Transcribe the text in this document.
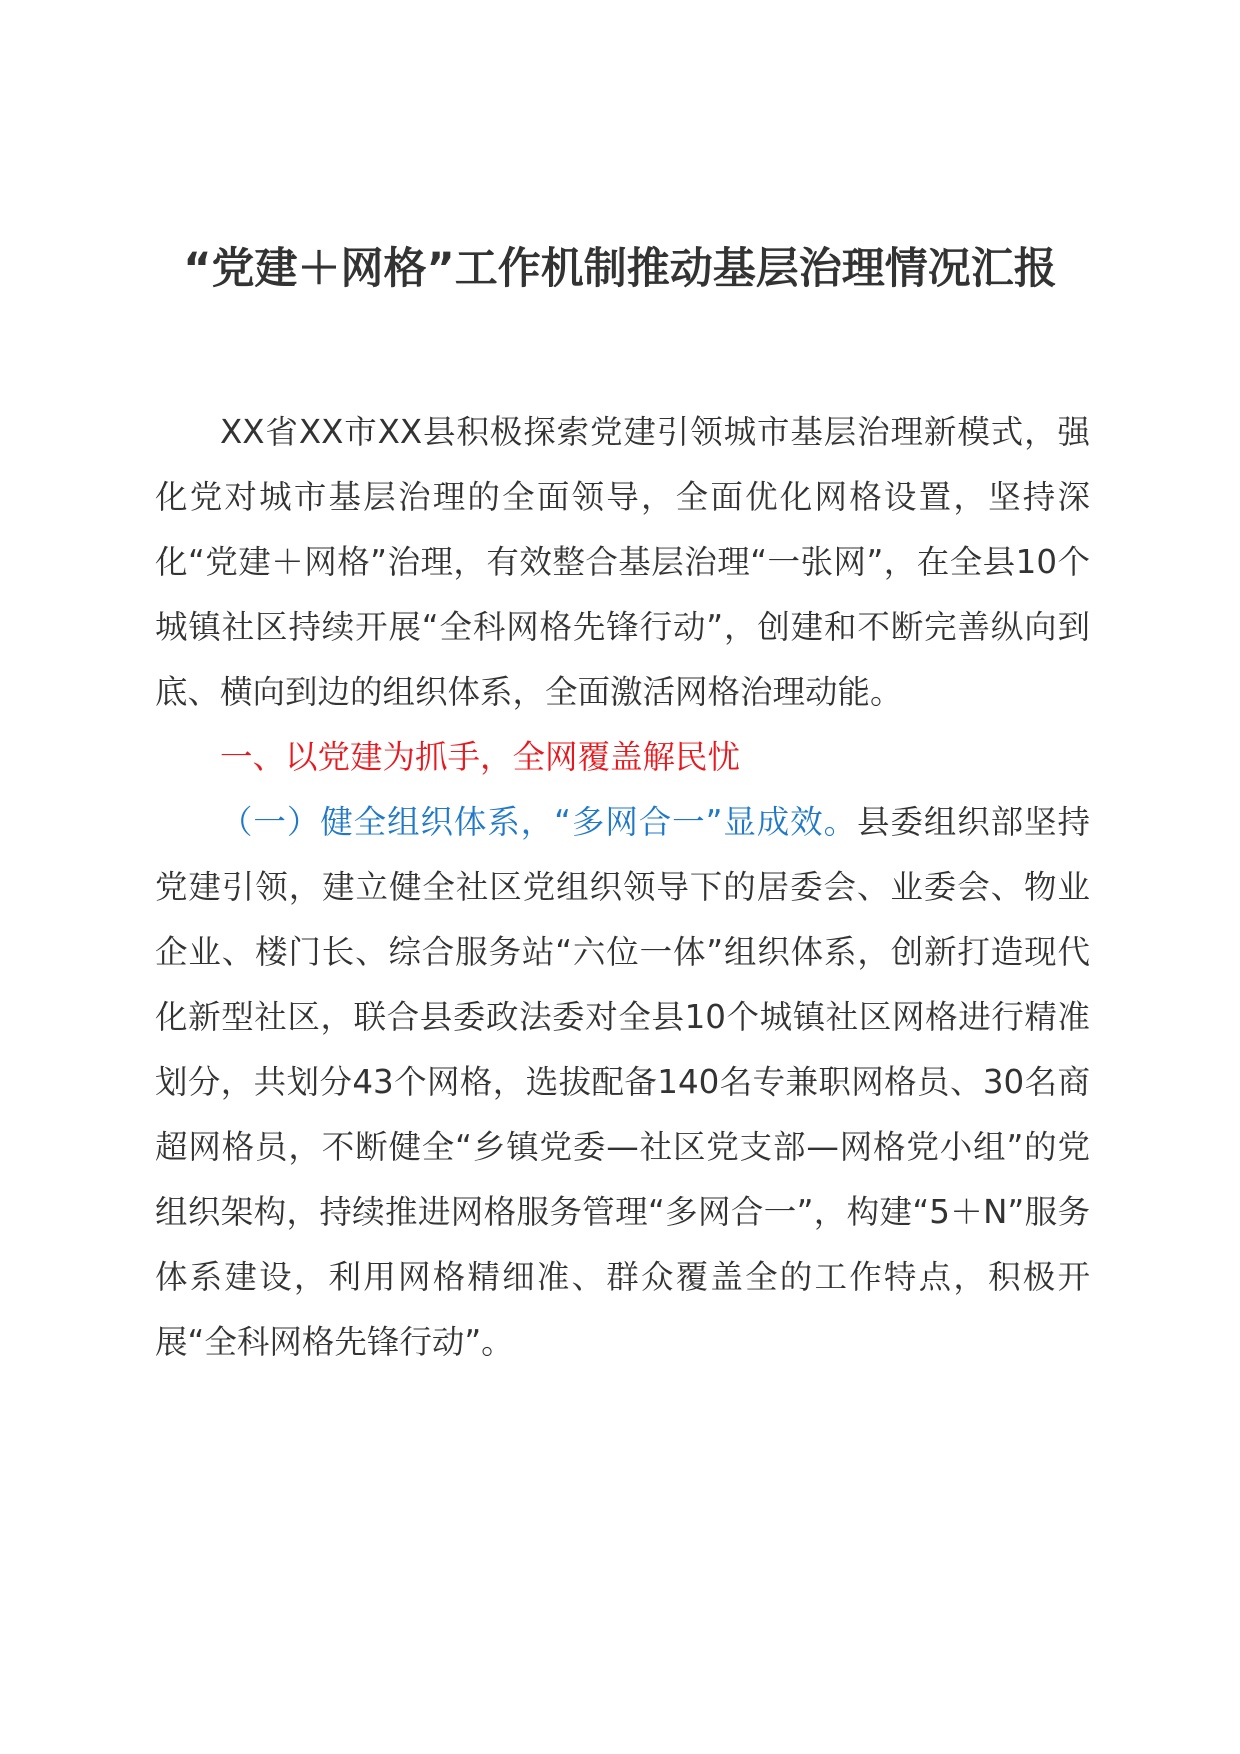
“党建＋网格”工作机制推动基层治理情况汇报

XX省XX市XX县积极探索党建引领城市基层治理新模式，强化党对城市基层治理的全面领导，全面优化网格设置，坚持深化“党建＋网格”治理，有效整合基层治理“一张网”，在全县10个城镇社区持续开展“全科网格先锋行动”，创建和不断完善纵向到底、横向到边的组织体系，全面激活网格治理动能。

一、以党建为抓手，全网覆盖解民忧

（一）健全组织体系，“多网合一”显成效。县委组织部坚持党建引领，建立健全社区党组织领导下的居委会、业委会、物业企业、楼门长、综合服务站“六位一体”组织体系，创新打造现代化新型社区，联合县委政法委对全县10个城镇社区网格进行精准划分，共划分43个网格，选拔配备140名专兼职网格员、30名商超网格员，不断健全“乡镇党委—社区党支部—网格党小组”的党组织架构，持续推进网格服务管理“多网合一”，构建“5＋N”服务体系建设，利用网格精细准、群众覆盖全的工作特点，积极开展“全科网格先锋行动”。
